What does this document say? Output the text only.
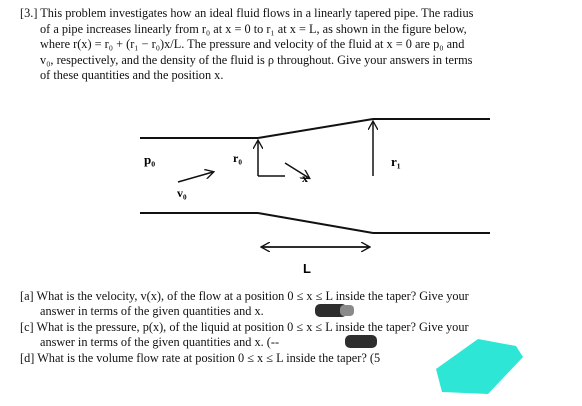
[3.] This problem investigates how an ideal fluid flows in a linearly tapered pipe. The radius
of a pipe increases linearly from r₀ at x = 0 to r₁ at x = L, as shown in the figure below,
where r(x) = r₀ + (r₁ − r₀)x/L. The pressure and velocity of the fluid at x = 0 are p₀ and
v₀, respectively, and the density of the fluid is ρ throughout. Give your answers in terms
of these quantities and the position x.
p₀
v₀
r₀
x
r₁
L
[a] What is the velocity, v(x), of the flow at a position 0 ≤ x ≤ L inside the taper? Give your
answer in terms of the given quantities and x.
[c] What is the pressure, p(x), of the liquid at position 0 ≤ x ≤ L inside the taper? Give your
answer in terms of the given quantities and x. (--
[d] What is the volume flow rate at position 0 ≤ x ≤ L inside the taper? (5
